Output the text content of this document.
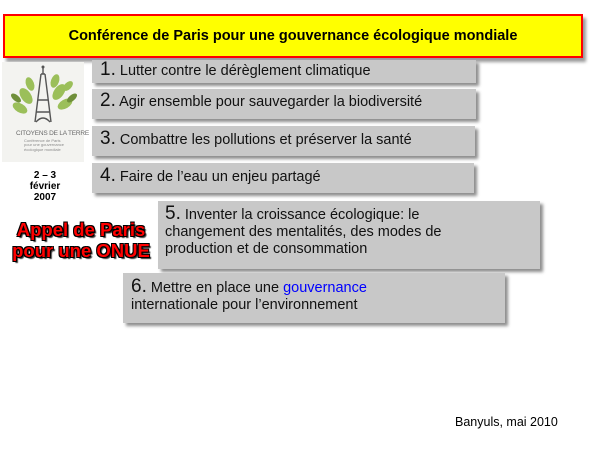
Conférence de Paris pour une gouvernance écologique mondiale
CITOYENS DE LA TERRE
Conférence de Paris
pour une gouvernance
écologique mondiale
2 – 3
février
2007
Appel de Paris
pour une ONUE
1. Lutter contre le dérèglement climatique
2. Agir ensemble pour sauvegarder la biodiversité
3. Combattre les pollutions et préserver la santé
4. Faire de l’eau un enjeu partagé
5. Inventer la croissance écologique: le
changement des mentalités, des modes de
production et de consommation
6. Mettre en place une gouvernance
internationale pour l’environnement
Banyuls, mai 2010
